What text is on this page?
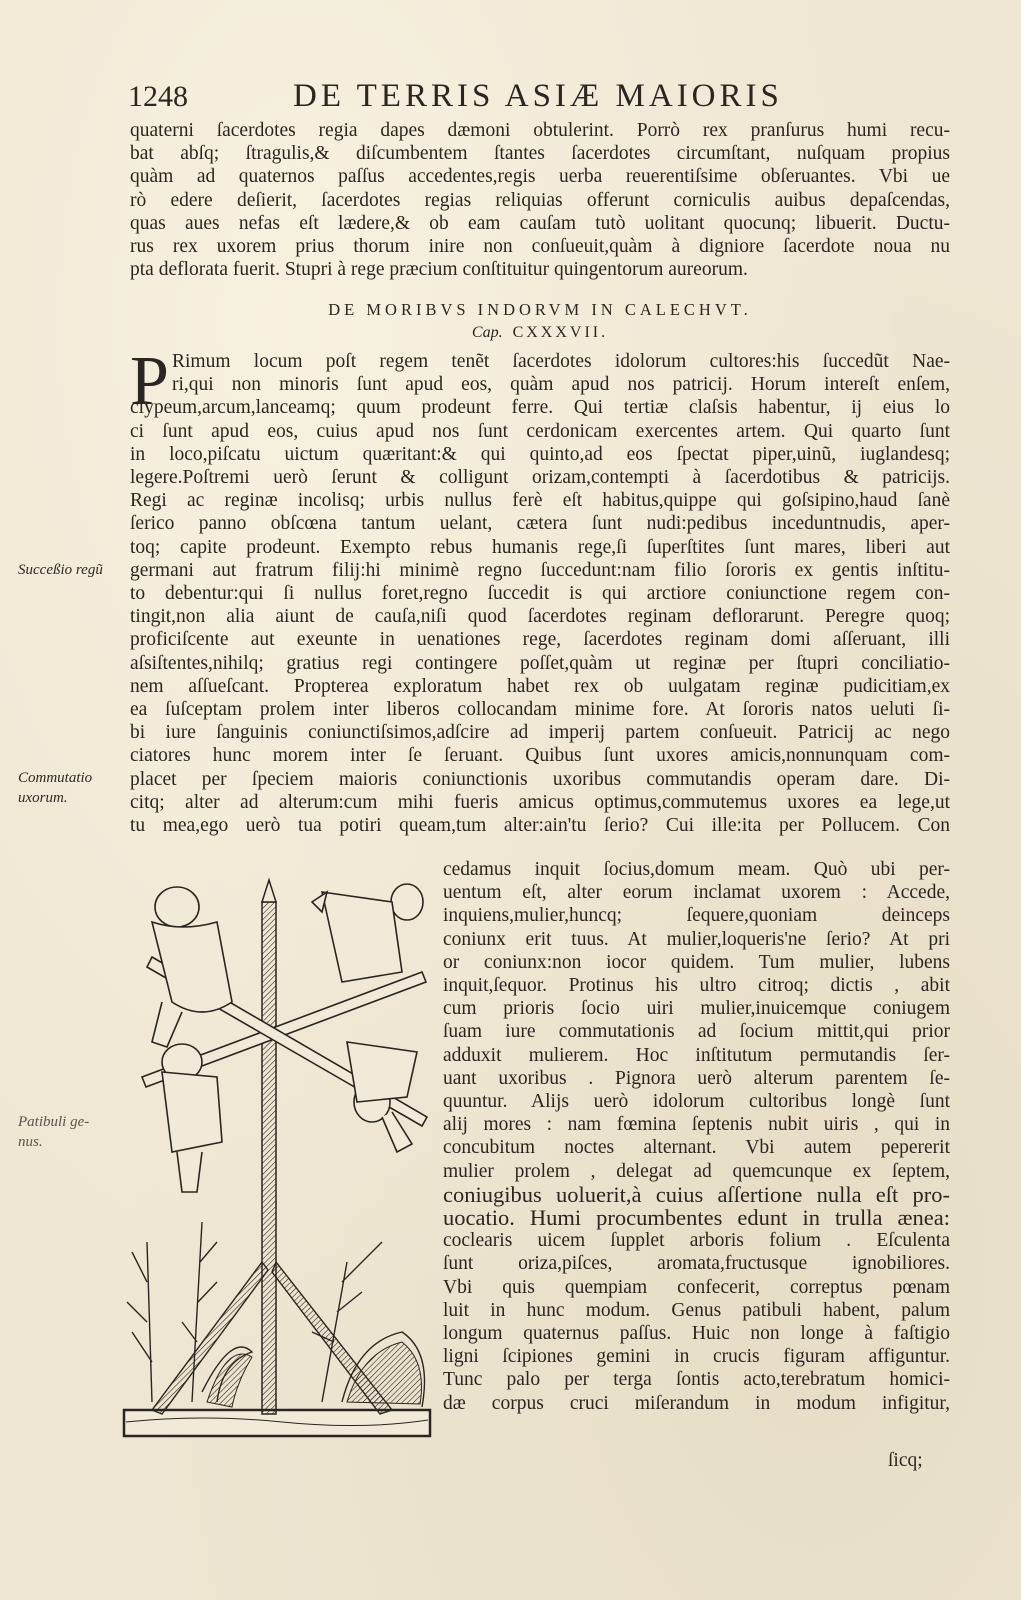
1248	DE TERRIS ASIÆ MAIORIS
quaterni ſacerdotes regia dapes dæmoni obtulerint. Porrò rex pranſurus humi recu-
bat abſq; ſtragulis,& diſcumbentem ſtantes ſacerdotes circumſtant, nuſquam propius
quàm ad quaternos paſſus accedentes,regis uerba reuerentiſsime obſeruantes. Vbi ue
rò edere deſierit, ſacerdotes regias reliquias offerunt corniculis auibus depaſcendas,
quas aues nefas eſt lædere,& ob eam cauſam tutò uolitant quocunq; libuerit. Ductu-
rus rex uxorem prius thorum inire non conſueuit,quàm à digniore ſacerdote noua nu
pta deflorata fuerit. Stupri à rege præcium conſtituitur quingentorum aureorum.
DE MORIBVS INDORVM IN CALECHVT.
Cap. CXXXVII.
P Rimum locum poſt regem tenẽt ſacerdotes idolorum cultores:his ſuccedũt Nae-
ri,qui non minoris ſunt apud eos, quàm apud nos patricij. Horum intereſt enſem,
clypeum,arcum,lanceamq; quum prodeunt ferre. Qui tertiæ claſsis habentur, ij eius lo
ci ſunt apud eos, cuius apud nos ſunt cerdonicam exercentes artem. Qui quarto ſunt
in loco,piſcatu uictum quæritant:& qui quinto,ad eos ſpectat piper,uinũ, iuglandesq;
legere.Poſtremi uerò ſerunt & colligunt orizam,contempti à ſacerdotibus & patricijs.
Regi ac reginæ incolisq; urbis nullus ferè eſt habitus,quippe qui goſsipino,haud ſanè
ſerico panno obſcœna tantum uelant, cætera ſunt nudi:pedibus inceduntnudis, aper-
toq; capite prodeunt. Exempto rebus humanis rege,ſi ſuperſtites ſunt mares, liberi aut
germani aut fratrum filij:hi minimè regno ſuccedunt:nam filio ſororis ex gentis inſtitu-
to debentur:qui ſi nullus foret,regno ſuccedit is qui arctiore coniunctione regem con-
tingit,non alia aiunt de cauſa,niſi quod ſacerdotes reginam deflorarunt. Peregre quoq;
proficiſcente aut exeunte in uenationes rege, ſacerdotes reginam domi aſſeruant, illi
aſsiſtentes,nihilq; gratius regi contingere poſſet,quàm ut reginæ per ſtupri conciliatio-
nem aſſueſcant. Propterea exploratum habet rex ob uulgatam reginæ pudicitiam,ex
ea ſuſceptam prolem inter liberos collocandam minime fore. At ſororis natos ueluti ſi-
bi iure ſanguinis coniunctiſsimos,adſcire ad imperij partem conſueuit. Patricij ac nego
ciatores hunc morem inter ſe ſeruant. Quibus ſunt uxores amicis,nonnunquam com-
placet per ſpeciem maioris coniunctionis uxoribus commutandis operam dare. Di-
citq; alter ad alterum:cum mihi fueris amicus optimus,commutemus uxores ea lege,ut
tu mea,ego uerò tua potiri queam,tum alter:ain'tu ſerio? Cui ille:ita per Pollucem. Con
cedamus inquit ſocius,domum meam. Quò ubi per-
uentum eſt, alter eorum inclamat uxorem : Accede,
inquiens,mulier,huncq; ſequere,quoniam deinceps
coniunx erit tuus. At mulier,loqueris'ne ſerio? At pri
or coniunx:non iocor quidem. Tum mulier, lubens
inquit,ſequor. Protinus his ultro citroq; dictis , abit
cum prioris ſocio uiri mulier,inuicemque coniugem
ſuam iure commutationis ad ſocium mittit,qui prior
adduxit mulierem. Hoc inſtitutum permutandis ſer-
uant uxoribus . Pignora uerò alterum parentem ſe-
quuntur. Alijs uerò idolorum cultoribus longè ſunt
alij mores : nam fœmina ſeptenis nubit uiris , qui in
concubitum noctes alternant. Vbi autem pepererit
mulier prolem , delegat ad quemcunque ex ſeptem,
coniugibus uoluerit,à cuius aſſertione nulla eſt pro-
uocatio. Humi procumbentes edunt in trulla ænea:
coclearis uicem ſupplet arboris folium . Eſculenta
ſunt oriza,piſces, aromata,fructusque ignobiliores.
Vbi quis quempiam confecerit, correptus pœnam
luit in hunc modum. Genus patibuli habent, palum
longum quaternus paſſus. Huic non longe à faſtigio
ligni ſcipiones gemini in crucis figuram affiguntur.
Tunc palo per terga ſontis acto,terebratum homici-
dæ corpus cruci miſerandum in modum infigitur,
ſicq;
Succeßio regũ
Commutatio
uxorum.
Patibuli ge-
nus.
